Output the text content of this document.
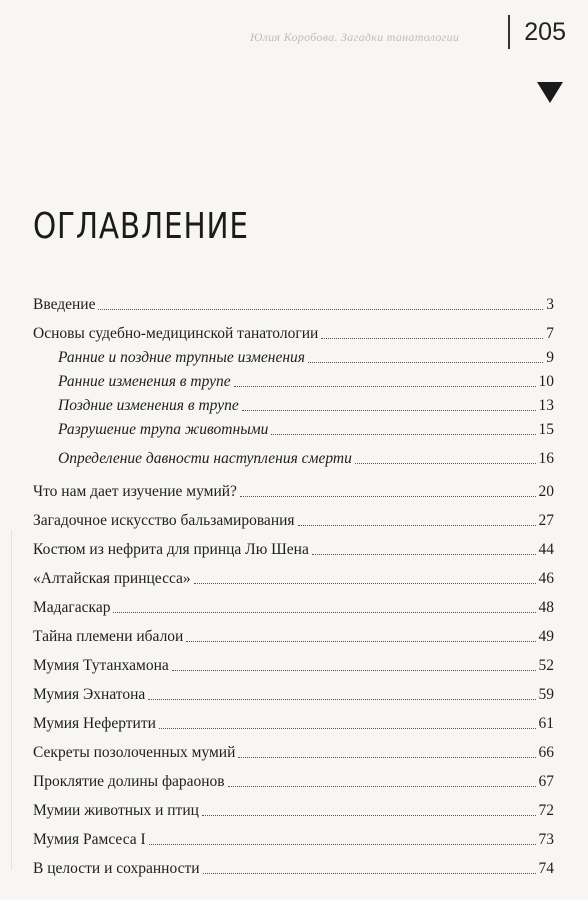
Юлия Коробова. Загадки танатологии	205
ОГЛАВЛЕНИЕ
Введение	3
Основы судебно-медицинской танатологии	7
Ранние и поздние трупные изменения	9
Ранние изменения в трупе	10
Поздние изменения в трупе	13
Разрушение трупа животными	15
Определение давности наступления смерти	16
Что нам дает изучение мумий?	20
Загадочное искусство бальзамирования	27
Костюм из нефрита для принца Лю Шена	44
«Алтайская принцесса»	46
Мадагаскар	48
Тайна племени ибалои	49
Мумия Тутанхамона	52
Мумия Эхнатона	59
Мумия Нефертити	61
Секреты позолоченных мумий	66
Проклятие долины фараонов	67
Мумии животных и птиц	72
Мумия Рамсеса I	73
В целости и сохранности	74
